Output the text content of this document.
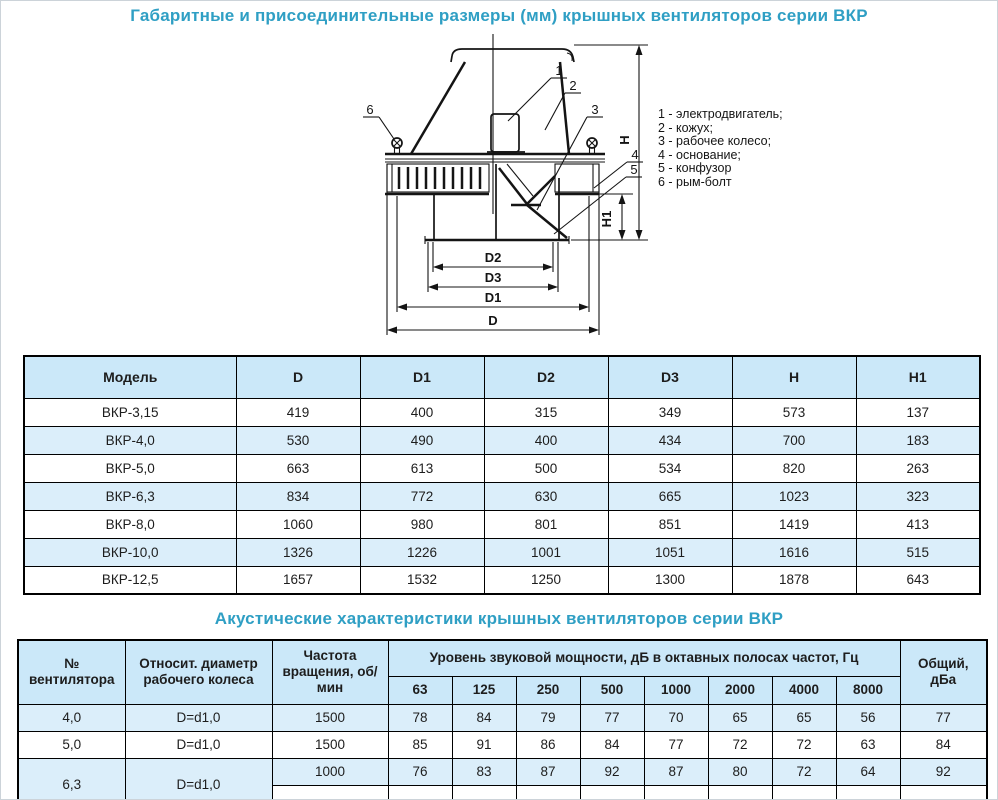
Габаритные и присоединительные размеры (мм) крышных вентиляторов серии ВКР
H
H1
D2
D3
D1
D
1
2
3
4
5
6	1 - электродвигатель;
2 - кожух;
3 - рабочее колесо;
4 - основание;
5 - конфузор
6 - рым-болт
Модель	D	D1	D2	D3	H	H1
ВКР-3,15	419	400	315	349	573	137
ВКР-4,0	530	490	400	434	700	183
ВКР-5,0	663	613	500	534	820	263
ВКР-6,3	834	772	630	665	1023	323
ВКР-8,0	1060	980	801	851	1419	413
ВКР-10,0	1326	1226	1001	1051	1616	515
ВКР-12,5	1657	1532	1250	1300	1878	643
Акустические характеристики крышных вентиляторов серии ВКР
№ вентилятора	Относит. диаметр рабочего колеса	Частота вращения, об/мин	Уровень звуковой мощности, дБ в октавных полосах частот, Гц								Общий, дБа
			63	125	250	500	1000	2000	4000	8000	
4,0	D=d1,0	1500	78	84	79	77	70	65	65	56	77
5,0	D=d1,0	1500	85	91	86	84	77	72	72	63	84
6,3	D=d1,0	1000	76	83	87	92	87	80	72	64	92
